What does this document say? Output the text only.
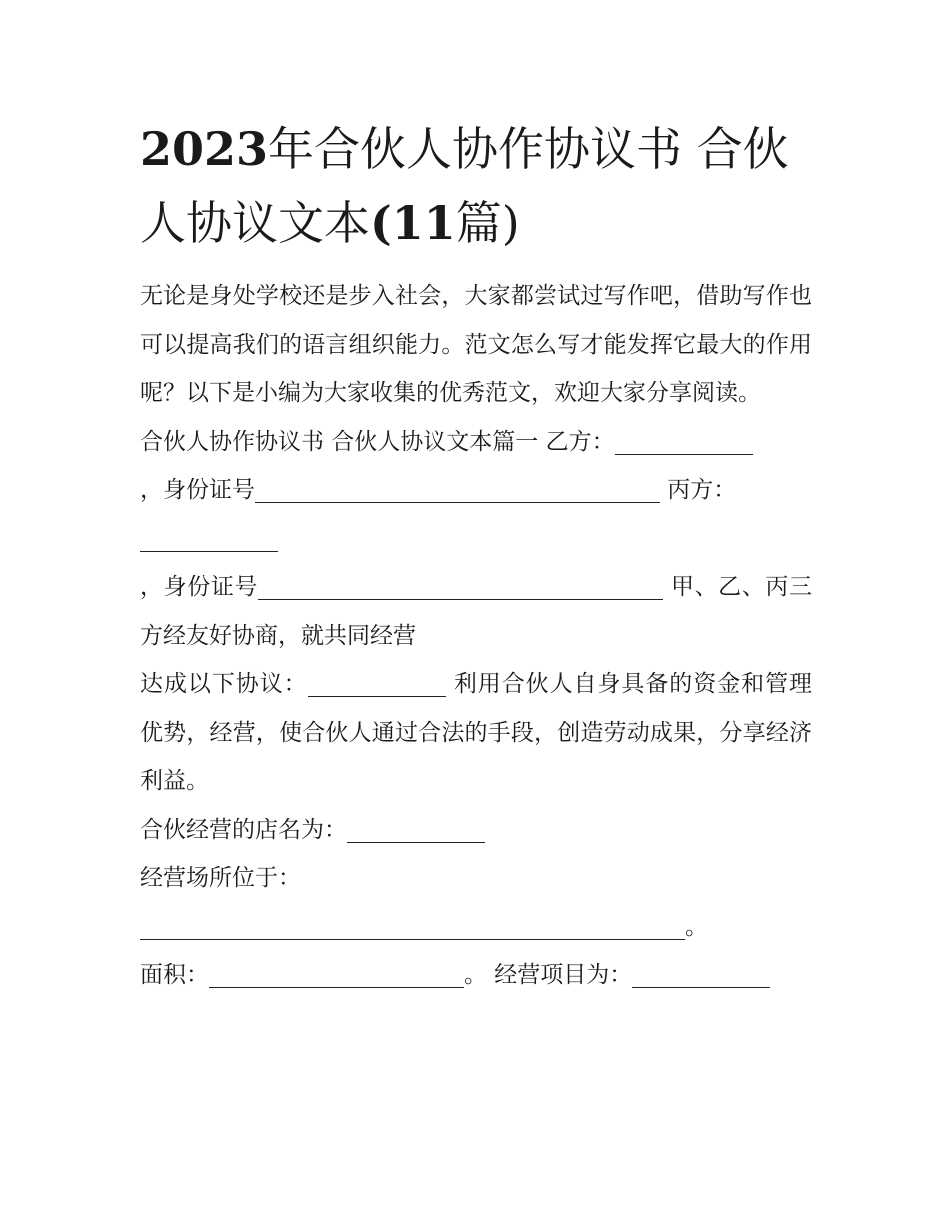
2023年合伙人协作协议书 合伙人协议文本(11篇)

无论是身处学校还是步入社会，大家都尝试过写作吧，借助写作也可以提高我们的语言组织能力。范文怎么写才能发挥它最大的作用呢？以下是小编为大家收集的优秀范文，欢迎大家分享阅读。

合伙人协作协议书 合伙人协议文本篇一 乙方：

，身份证号	丙方：

，身份证号	甲、乙、丙三方经友好协商，就共同经营

达成以下协议：	利用合伙人自身具备的资金和管理优势，经营，使合伙人通过合法的手段，创造劳动成果，分享经济利益。

合伙经营的店名为：

经营场所位于：

。

面积：	。 经营项目为：
